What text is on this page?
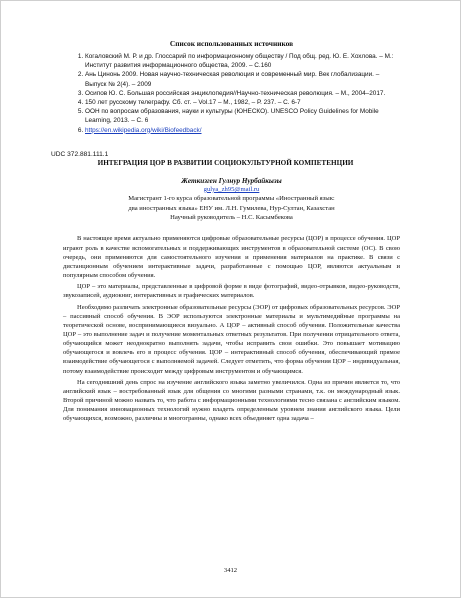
Список использованных источников
1. Когаловский М. Р. и др. Глоссарий по информационному обществу / Под общ. ред. Ю. Е. Хохлова. – М.: Институт развития информационного общества, 2009. – С.160
2. Ань Цинонь 2009. Новая научно-техническая революция и современный мир. Век глобализации. – Выпуск № 2(4). – 2009
3. Осипов Ю. С. Большая российская энциклопедия//Научно-техническая революция. – М., 2004–2017.
4. 150 лет русскому телеграфу. Сб. ст. – Vol.17 – М., 1982, – Р. 237. – С. 6-7
5. ООН по вопросам образования, науки и культуры (ЮНЕСКО). UNESCO Policy Guidelines for Mobile Learning, 2013. – С. 6
6. https://en.wikipedia.org/wiki/Biofeedback/
UDC 372.881.111.1
ИНТЕГРАЦИЯ ЦОР В РАЗВИТИИ СОЦИОКУЛЬТУРНОЙ КОМПЕТЕНЦИИ
Жеткизген Гулнур Нурбайкызы
gulya_zh95@mail.ru
Магистрант 1-го курса образовательной программы «Иностранный язык:
два иностранных языка» ЕНУ им. Л.Н. Гумилева, Нур-Султан, Казахстан
Научный руководитель – Н.С. Касымбекова

В настоящее время актуально применяются цифровые образовательные ресурсы (ЦОР) в процессе обучения. ЦОР играют роль в качестве вспомогательных и поддерживающих инструментов в образовательной системе (ОС). В свою очередь, они применяются для самостоятельного изучения и применения материалов на практике. В связи с дистанционным обучением интерактивные задачи, разработанные с помощью ЦОР, являются актуальным и популярным способом обучения.

ЦОР – это материалы, представленные в цифровой форме в виде фотографий, видео-отрывков, видео-руководств, звукозаписей, аудиокниг, интерактивных и графических материалов.

Необходимо различать электронные образовательные ресурсы (ЭОР) от цифровых образовательных ресурсов. ЭОР – пассивный способ обучения. В ЭОР используются электронные материалы и мультимедийные программы на теоретической основе, воспринимающиеся визуально. А ЦОР – активный способ обучения. Положительные качества ЦОР – это выполнение задач и получение моментальных ответных результатов. При получении отрицательного ответа, обучающийся может неоднократно выполнять задачи, чтобы исправить свои ошибки. Это повышает мотивацию обучающегося и вовлечь его в процесс обучения. ЦОР – интерактивный способ обучения, обеспечивающий прямое взаимодействие обучающегося с выполняемой задачей. Следует отметить, что форма обучения ЦОР – индивидуальная, потому взаимодействие происходит между цифровым инструментом и обучающимся.

На сегодняшний день спрос на изучение английского языка заметно увеличился. Одна из причин является то, что английский язык – востребованный язык для общения со многими разными странами, т.к. он международный язык. Второй причиной можно назвать то, что работа с информационными технологиями тесно связана с английским языком. Для понимания инновационных технологий нужно владеть определенным уровнем знания английского языка. Цели обучающихся, возможно, различны и многогранны, однако всех объединяет одна задача –

3412
